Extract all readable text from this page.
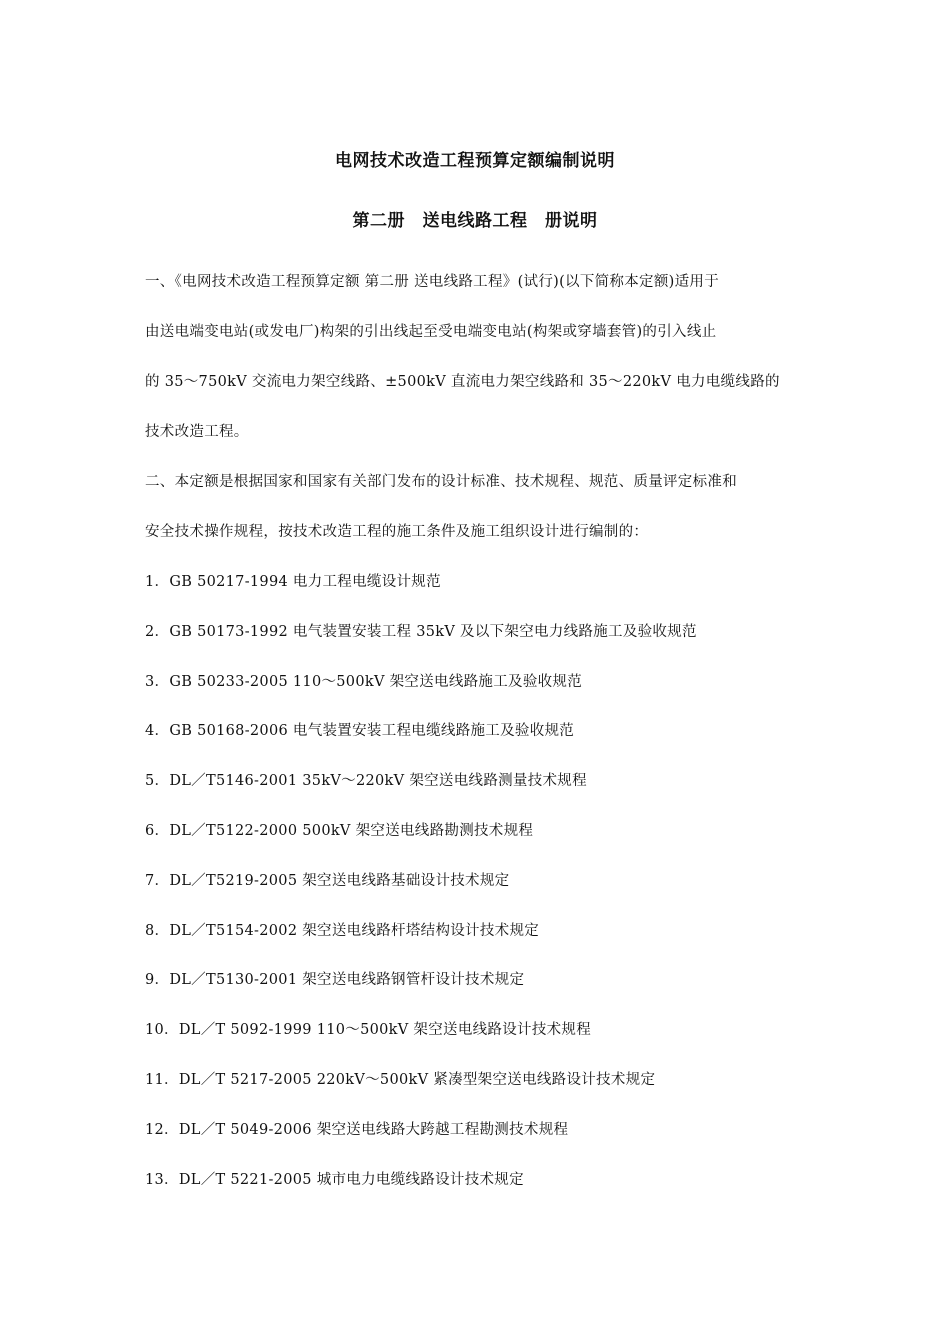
电网技术改造工程预算定额编制说明
第二册　送电线路工程　册说明
一、《电网技术改造工程预算定额 第二册 送电线路工程》(试行)(以下简称本定额)适用于
由送电端变电站(或发电厂)构架的引出线起至受电端变电站(构架或穿墙套管)的引入线止
的 35～750kV 交流电力架空线路、±500kV 直流电力架空线路和 35～220kV 电力电缆线路的
技术改造工程。
二、本定额是根据国家和国家有关部门发布的设计标准、技术规程、规范、质量评定标准和
安全技术操作规程，按技术改造工程的施工条件及施工组织设计进行编制的：
1．GB 50217-1994 电力工程电缆设计规范
2．GB 50173-1992 电气装置安装工程 35kV 及以下架空电力线路施工及验收规范
3．GB 50233-2005 110～500kV 架空送电线路施工及验收规范
4．GB 50168-2006 电气装置安装工程电缆线路施工及验收规范
5．DL／T5146-2001 35kV～220kV 架空送电线路测量技术规程
6．DL／T5122-2000 500kV 架空送电线路勘测技术规程
7．DL／T5219-2005 架空送电线路基础设计技术规定
8．DL／T5154-2002 架空送电线路杆塔结构设计技术规定
9．DL／T5130-2001 架空送电线路钢管杆设计技术规定
10．DL／T 5092-1999 110～500kV 架空送电线路设计技术规程
11．DL／T 5217-2005 220kV～500kV 紧凑型架空送电线路设计技术规定
12．DL／T 5049-2006 架空送电线路大跨越工程勘测技术规程
13．DL／T 5221-2005 城市电力电缆线路设计技术规定
